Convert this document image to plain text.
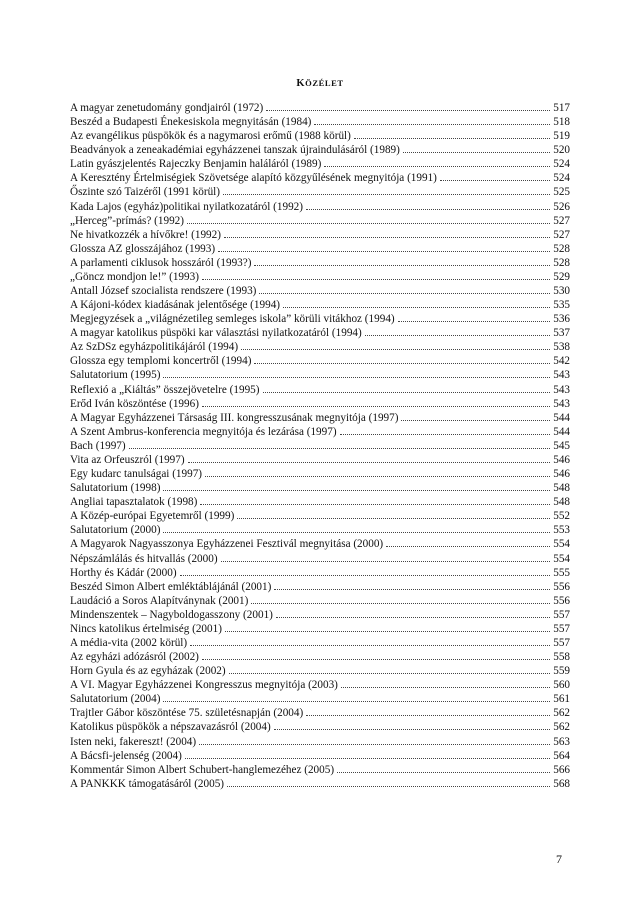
KÖZÉLET
A magyar zenetudomány gondjairól (1972)	517
Beszéd a Budapesti Énekesiskola megnyitásán (1984)	518
Az evangélikus püspökök és a nagymarosi erőmű (1988 körül)	519
Beadványok a zeneakadémiai egyházzenei tanszak újraindulásáról (1989)	520
Latin gyászjelentés Rajeczky Benjamin haláláról (1989)	524
A Keresztény Értelmiségiek Szövetsége alapító közgyűlésének megnyitója (1991)	524
Őszinte szó Taizéről (1991 körül)	525
Kada Lajos (egyház)politikai nyilatkozatáról (1992)	526
„Herceg”-prímás? (1992)	527
Ne hivatkozzék a hívőkre! (1992)	527
Glossza AZ glosszájához (1993)	528
A parlamenti ciklusok hosszáról (1993?)	528
„Göncz mondjon le!” (1993)	529
Antall József szocialista rendszere (1993)	530
A Kájoni-kódex kiadásának jelentősége (1994)	535
Megjegyzések a „világnézetileg semleges iskola” körüli vitákhoz (1994)	536
A magyar katolikus püspöki kar választási nyilatkozatáról (1994)	537
Az SzDSz egyházpolitikájáról (1994)	538
Glossza egy templomi koncertről (1994)	542
Salutatorium (1995)	543
Reflexió a „Kiáltás” összejövetelre (1995)	543
Erőd Iván köszöntése (1996)	543
A Magyar Egyházzenei Társaság III. kongresszusának megnyitója (1997)	544
A Szent Ambrus-konferencia megnyitója és lezárása (1997)	544
Bach (1997)	545
Vita az Orfeuszról (1997)	546
Egy kudarc tanulságai (1997)	546
Salutatorium (1998)	548
Angliai tapasztalatok (1998)	548
A Közép-európai Egyetemről (1999)	552
Salutatorium (2000)	553
A Magyarok Nagyasszonya Egyházzenei Fesztivál megnyitása (2000)	554
Népszámlálás és hitvallás (2000)	554
Horthy és Kádár (2000)	555
Beszéd Simon Albert emléktáblájánál (2001)	556
Laudáció a Soros Alapítványnak (2001)	556
Mindenszentek – Nagyboldogasszony (2001)	557
Nincs katolikus értelmiség (2001)	557
A média-vita (2002 körül)	557
Az egyházi adózásról (2002)	558
Horn Gyula és az egyházak (2002)	559
A VI. Magyar Egyházzenei Kongresszus megnyitója (2003)	560
Salutatorium (2004)	561
Trajtler Gábor köszöntése 75. születésnapján (2004)	562
Katolikus püspökök a népszavazásról (2004)	562
Isten neki, fakereszt! (2004)	563
A Bácsfi-jelenség (2004)	564
Kommentár Simon Albert Schubert-hanglemezéhez (2005)	566
A PANKKK támogatásáról (2005)	568
7
